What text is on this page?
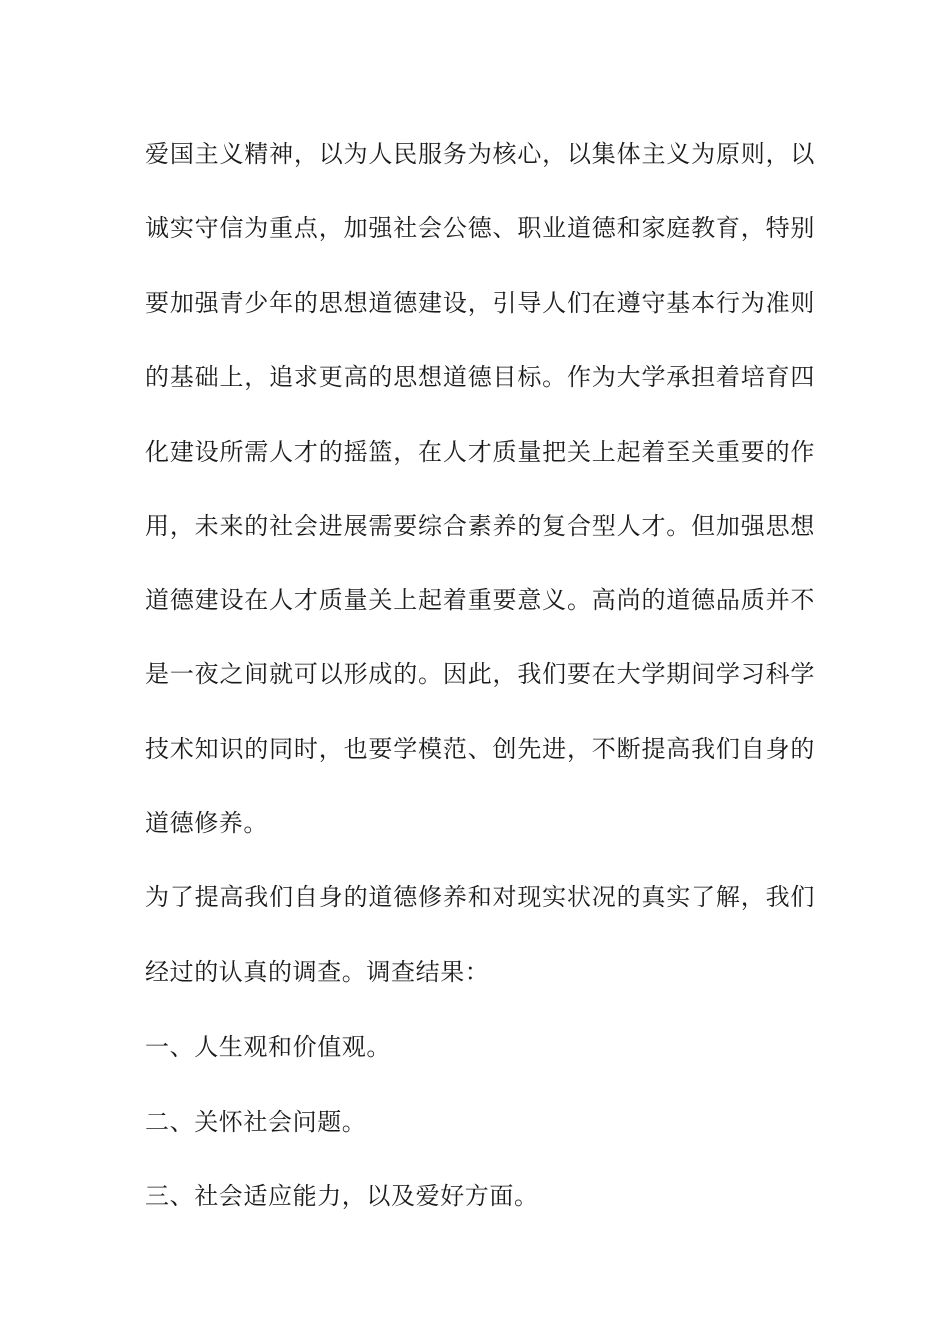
爱国主义精神，以为人民服务为核心，以集体主义为原则，以
诚实守信为重点，加强社会公德、职业道德和家庭教育，特别
要加强青少年的思想道德建设，引导人们在遵守基本行为准则
的基础上，追求更高的思想道德目标。作为大学承担着培育四
化建设所需人才的摇篮，在人才质量把关上起着至关重要的作
用，未来的社会进展需要综合素养的复合型人才。但加强思想
道德建设在人才质量关上起着重要意义。高尚的道德品质并不
是一夜之间就可以形成的。因此，我们要在大学期间学习科学
技术知识的同时，也要学模范、创先进，不断提高我们自身的
道德修养。
为了提高我们自身的道德修养和对现实状况的真实了解，我们
经过的认真的调查。调查结果：
一、人生观和价值观。
二、关怀社会问题。
三、社会适应能力，以及爱好方面。
